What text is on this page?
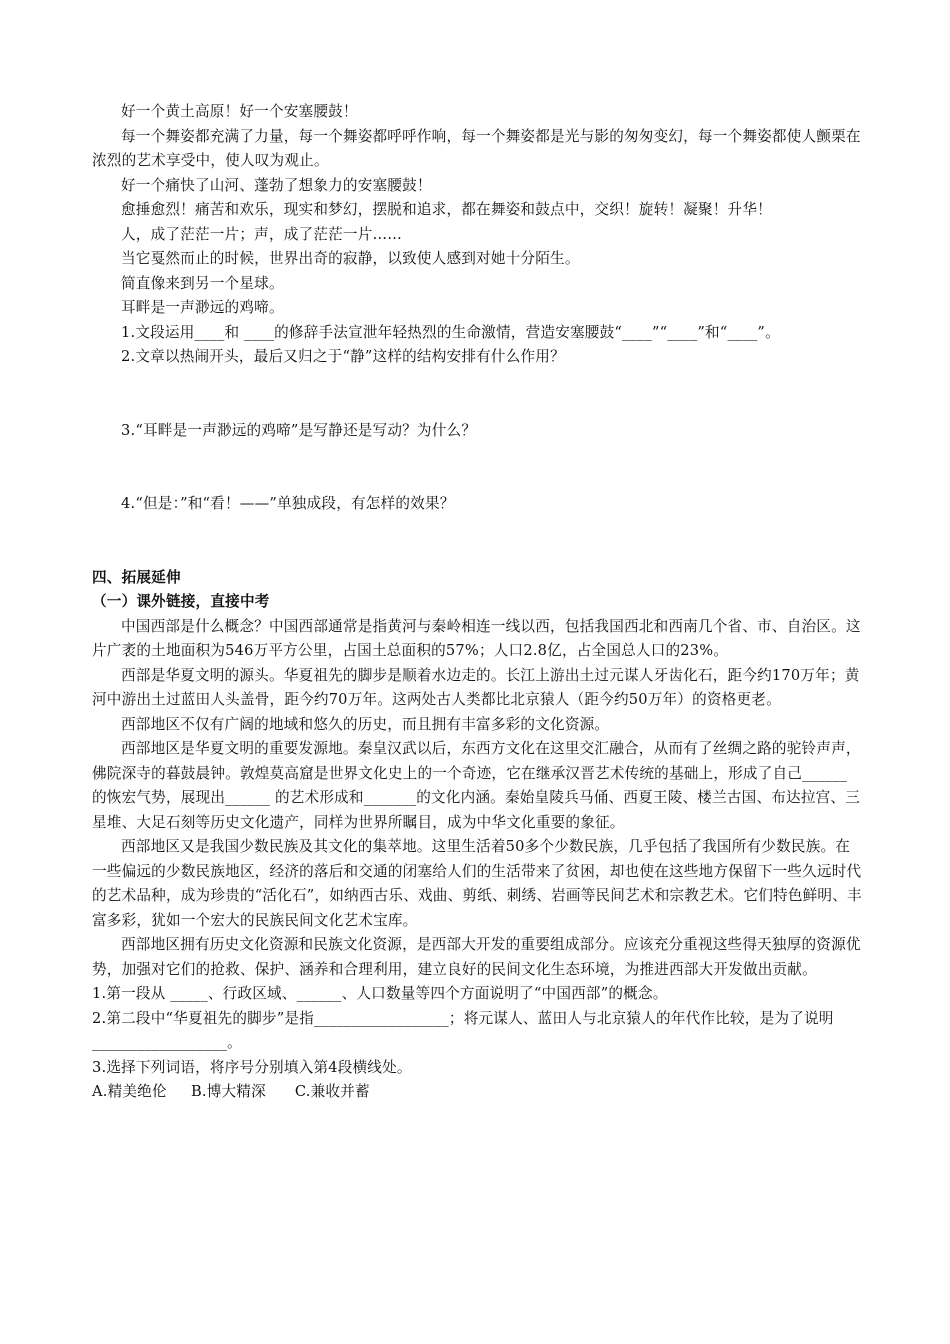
好一个黄土高原！好一个安塞腰鼓！

每一个舞姿都充满了力量，每一个舞姿都呼呼作响，每一个舞姿都是光与影的匆匆变幻，每一个舞姿都使人颤栗在浓烈的艺术享受中，使人叹为观止。

好一个痛快了山河、蓬勃了想象力的安塞腰鼓！

愈捶愈烈！痛苦和欢乐，现实和梦幻，摆脱和追求，都在舞姿和鼓点中，交织！旋转！凝聚！升华！

人，成了茫茫一片；声，成了茫茫一片……

当它戛然而止的时候，世界出奇的寂静，以致使人感到对她十分陌生。

简直像来到另一个星球。

耳畔是一声渺远的鸡啼。

1.文段运用____和 ____的修辞手法宣泄年轻热烈的生命激情，营造安塞腰鼓“____”“____”和“____”。

2.文章以热闹开头，最后又归之于“静”这样的结构安排有什么作用？

3.“耳畔是一声渺远的鸡啼”是写静还是写动？为什么？

4.“但是：”和“看！——”单独成段，有怎样的效果？

四、拓展延伸

（一）课外链接，直接中考

中国西部是什么概念？中国西部通常是指黄河与秦岭相连一线以西，包括我国西北和西南几个省、市、自治区。这片广袤的土地面积为546万平方公里，占国土总面积的57%；人口2.8亿，占全国总人口的23%。

西部是华夏文明的源头。华夏祖先的脚步是顺着水边走的。长江上游出土过元谋人牙齿化石，距今约170万年；黄河中游出土过蓝田人头盖骨，距今约70万年。这两处古人类都比北京猿人（距今约50万年）的资格更老。

西部地区不仅有广阔的地域和悠久的历史，而且拥有丰富多彩的文化资源。

西部地区是华夏文明的重要发源地。秦皇汉武以后，东西方文化在这里交汇融合，从而有了丝绸之路的驼铃声声，佛院深寺的暮鼓晨钟。敦煌莫高窟是世界文化史上的一个奇迹，它在继承汉晋艺术传统的基础上，形成了自己______ 的恢宏气势，展现出______ 的艺术形成和_______的文化内涵。秦始皇陵兵马俑、西夏王陵、楼兰古国、布达拉宫、三星堆、大足石刻等历史文化遗产，同样为世界所瞩目，成为中华文化重要的象征。

西部地区又是我国少数民族及其文化的集萃地。这里生活着50多个少数民族，几乎包括了我国所有少数民族。在一些偏远的少数民族地区，经济的落后和交通的闭塞给人们的生活带来了贫困，却也使在这些地方保留下一些久远时代的艺术品种，成为珍贵的“活化石”，如纳西古乐、戏曲、剪纸、刺绣、岩画等民间艺术和宗教艺术。它们特色鲜明、丰富多彩，犹如一个宏大的民族民间文化艺术宝库。

西部地区拥有历史文化资源和民族文化资源，是西部大开发的重要组成部分。应该充分重视这些得天独厚的资源优势，加强对它们的抢救、保护、涵养和合理利用，建立良好的民间文化生态环境，为推进西部大开发做出贡献。

1.第一段从 _____、行政区域、______、人口数量等四个方面说明了“中国西部”的概念。

2.第二段中“华夏祖先的脚步”是指__________________；将元谋人、蓝田人与北京猿人的年代作比较，是为了说明__________________。

3.选择下列词语，将序号分别填入第4段横线处。

A.精美绝伦     B.博大精深      C.兼收并蓄
